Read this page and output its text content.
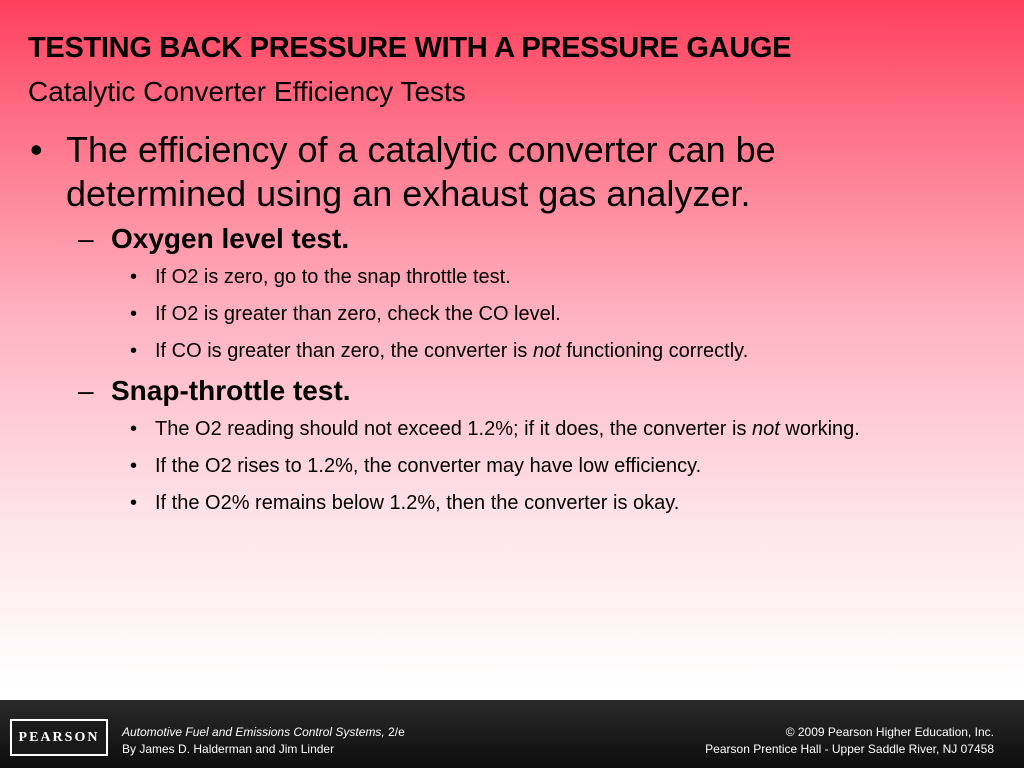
TESTING BACK PRESSURE WITH A PRESSURE GAUGE
Catalytic Converter Efficiency Tests
• The efficiency of a catalytic converter can be determined using an exhaust gas analyzer.
– Oxygen level test.
• If O2 is zero, go to the snap throttle test.
• If O2 is greater than zero, check the CO level.
• If CO is greater than zero, the converter is not functioning correctly.
– Snap-throttle test.
• The O2 reading should not exceed 1.2%; if it does, the converter is not working.
• If the O2 rises to 1.2%, the converter may have low efficiency.
• If the O2% remains below 1.2%, then the converter is okay.
PEARSON	Automotive Fuel and Emissions Control Systems, 2/e
By James D. Halderman and Jim Linder
© 2009 Pearson Higher Education, Inc.
Pearson Prentice Hall - Upper Saddle River, NJ 07458
